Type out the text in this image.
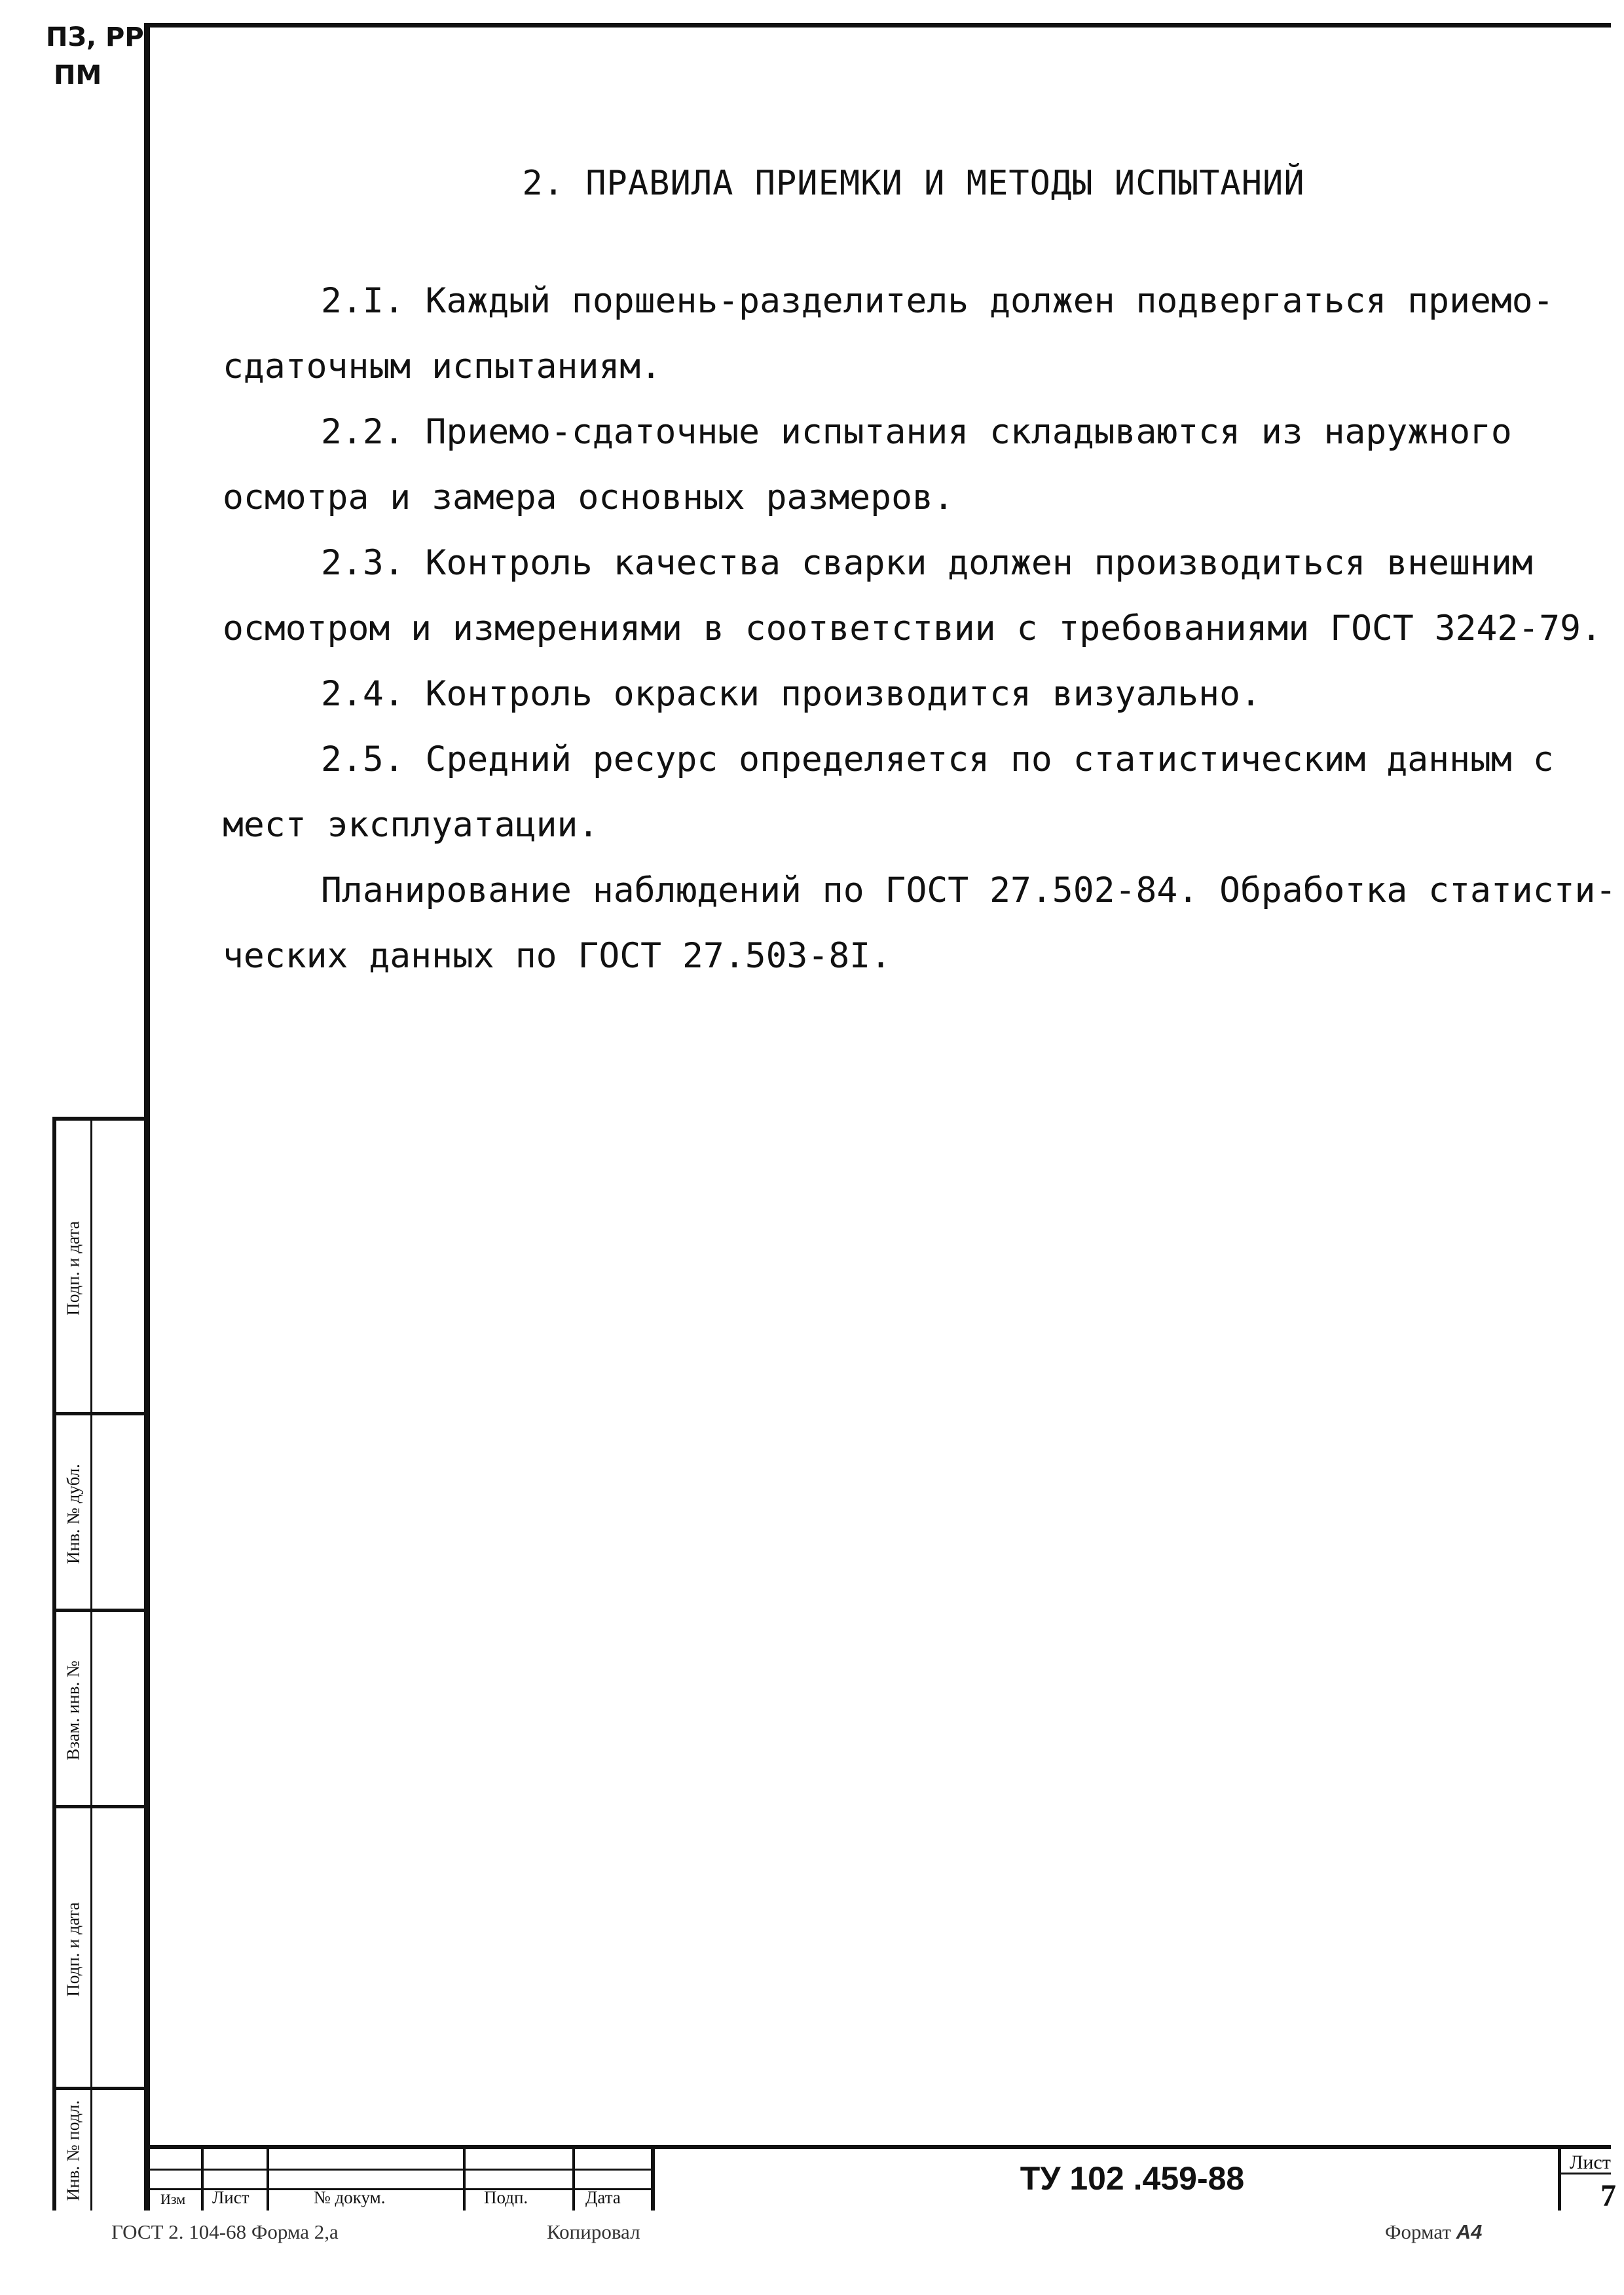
ПЗ, РР
ПМ
2. ПРАВИЛА ПРИЕМКИ И МЕТОДЫ ИСПЫТАНИЙ
2.I. Каждый поршень-разделитель должен подвергаться приемо-
сдаточным испытаниям.
2.2. Приемо-сдаточные испытания складываются из наружного
осмотра и замера основных размеров.
2.3. Контроль качества сварки должен производиться внешним
осмотром и измерениями в соответствии с требованиями ГОСТ 3242-79.
2.4. Контроль окраски производится визуально.
2.5. Средний ресурс определяется по статистическим данным с
мест эксплуатации.
Планирование наблюдений по ГОСТ 27.502-84. Обработка статисти-
ческих данных по ГОСТ 27.503-8I.
Подп. и дата
Инв. № дубл.
Взам. инв. №
Подп. и дата
Инв. № подл.	Изм Лист	№ докум.	Подп.	Дата
ТУ 102 .459-88	Лист
7
ГОСТ 2. 104-68 Форма 2,а	Копировал	Формат А4
